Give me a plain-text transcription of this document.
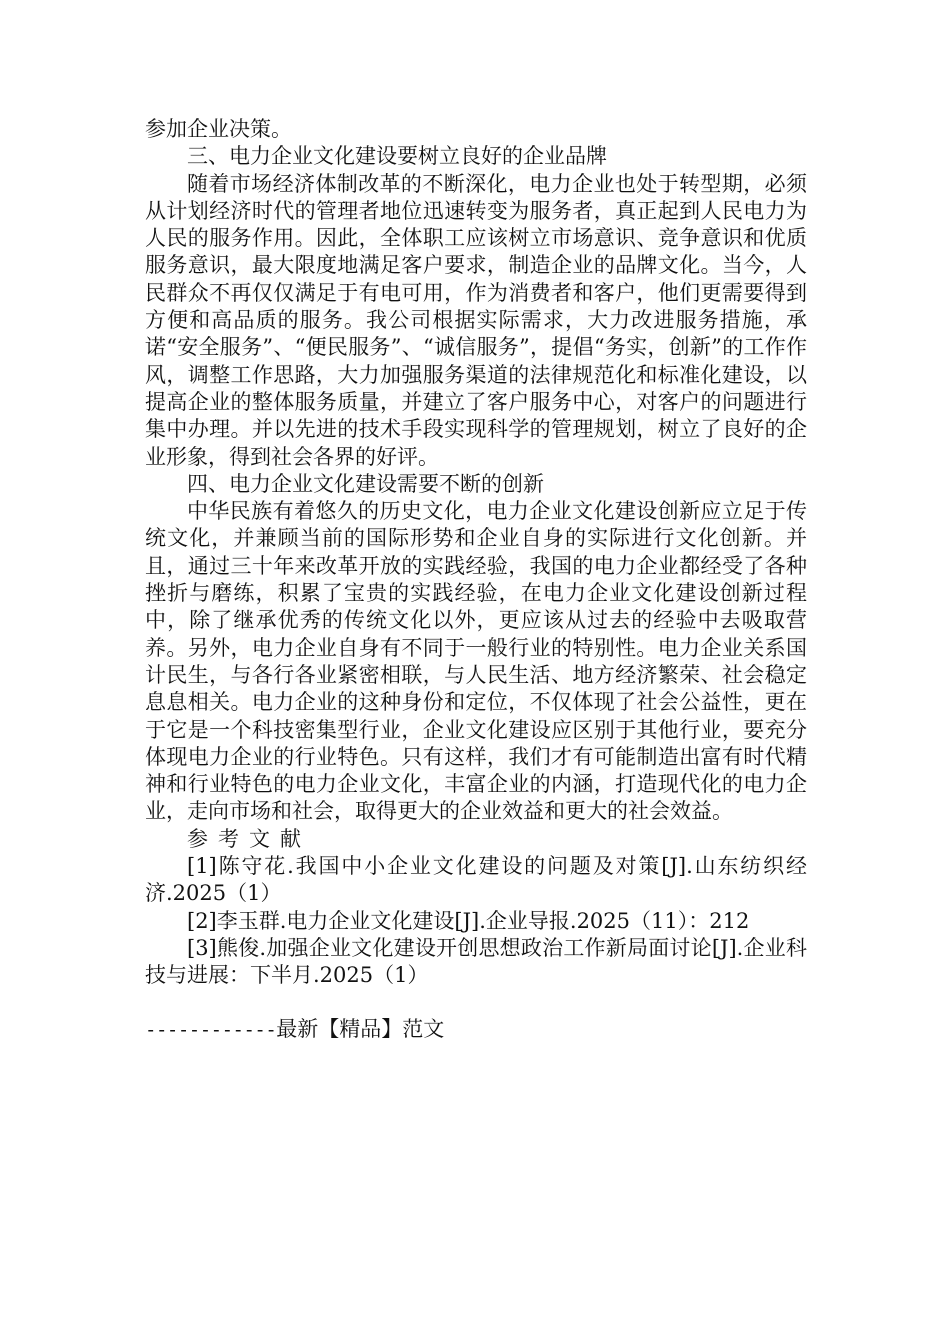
参加企业决策。

三、电力企业文化建设要树立良好的企业品牌

随着市场经济体制改革的不断深化，电力企业也处于转型期，必须从计划经济时代的管理者地位迅速转变为服务者，真正起到人民电力为人民的服务作用。因此，全体职工应该树立市场意识、竞争意识和优质服务意识，最大限度地满足客户要求，制造企业的品牌文化。当今，人民群众不再仅仅满足于有电可用，作为消费者和客户，他们更需要得到方便和高品质的服务。我公司根据实际需求，大力改进服务措施，承诺“安全服务”、“便民服务”、“诚信服务”，提倡“务实，创新”的工作作风，调整工作思路，大力加强服务渠道的法律规范化和标准化建设，以提高企业的整体服务质量，并建立了客户服务中心，对客户的问题进行集中办理。并以先进的技术手段实现科学的管理规划，树立了良好的企业形象，得到社会各界的好评。

四、电力企业文化建设需要不断的创新

中华民族有着悠久的历史文化，电力企业文化建设创新应立足于传统文化，并兼顾当前的国际形势和企业自身的实际进行文化创新。并且，通过三十年来改革开放的实践经验，我国的电力企业都经受了各种挫折与磨练，积累了宝贵的实践经验，在电力企业文化建设创新过程中，除了继承优秀的传统文化以外，更应该从过去的经验中去吸取营养。另外，电力企业自身有不同于一般行业的特别性。电力企业关系国计民生，与各行各业紧密相联，与人民生活、地方经济繁荣、社会稳定息息相关。电力企业的这种身份和定位，不仅体现了社会公益性，更在于它是一个科技密集型行业，企业文化建设应区别于其他行业，要充分体现电力企业的行业特色。只有这样，我们才有可能制造出富有时代精神和行业特色的电力企业文化，丰富企业的内涵，打造现代化的电力企业，走向市场和社会，取得更大的企业效益和更大的社会效益。

参考文献

[1]陈守花.我国中小企业文化建设的问题及对策[J].山东纺织经济.2025（1）

[2]李玉群.电力企业文化建设[J].企业导报.2025（11）：212

[3]熊俊.加强企业文化建设开创思想政治工作新局面讨论[J].企业科技与进展：下半月.2025（1）

------------最新【精品】范文
